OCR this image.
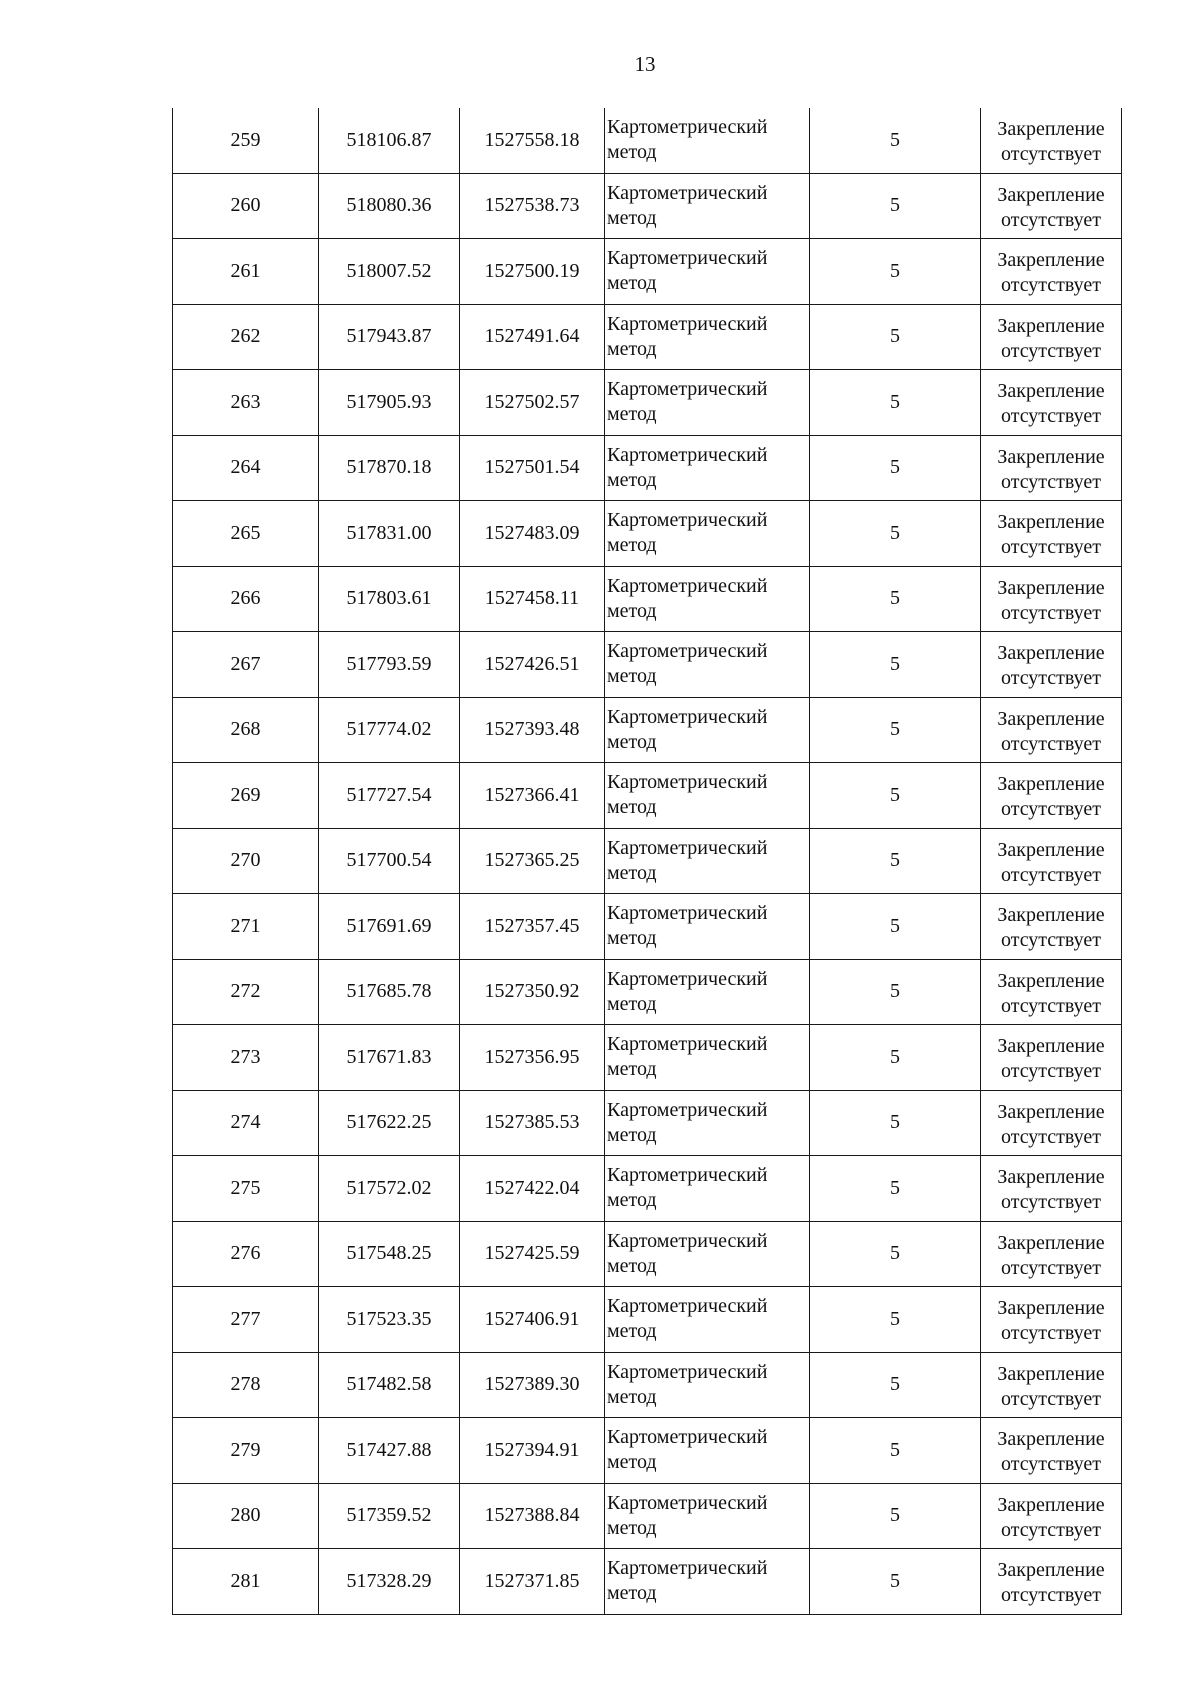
13
259	518106.87	1527558.18	Картометрический
метод	5	Закрепление
отсутствует

260	518080.36	1527538.73	Картометрический
метод	5	Закрепление
отсутствует

261	518007.52	1527500.19	Картометрический
метод	5	Закрепление
отсутствует

262	517943.87	1527491.64	Картометрический
метод	5	Закрепление
отсутствует

263	517905.93	1527502.57	Картометрический
метод	5	Закрепление
отсутствует

264	517870.18	1527501.54	Картометрический
метод	5	Закрепление
отсутствует

265	517831.00	1527483.09	Картометрический
метод	5	Закрепление
отсутствует

266	517803.61	1527458.11	Картометрический
метод	5	Закрепление
отсутствует

267	517793.59	1527426.51	Картометрический
метод	5	Закрепление
отсутствует

268	517774.02	1527393.48	Картометрический
метод	5	Закрепление
отсутствует

269	517727.54	1527366.41	Картометрический
метод	5	Закрепление
отсутствует

270	517700.54	1527365.25	Картометрический
метод	5	Закрепление
отсутствует

271	517691.69	1527357.45	Картометрический
метод	5	Закрепление
отсутствует

272	517685.78	1527350.92	Картометрический
метод	5	Закрепление
отсутствует

273	517671.83	1527356.95	Картометрический
метод	5	Закрепление
отсутствует

274	517622.25	1527385.53	Картометрический
метод	5	Закрепление
отсутствует

275	517572.02	1527422.04	Картометрический
метод	5	Закрепление
отсутствует

276	517548.25	1527425.59	Картометрический
метод	5	Закрепление
отсутствует

277	517523.35	1527406.91	Картометрический
метод	5	Закрепление
отсутствует

278	517482.58	1527389.30	Картометрический
метод	5	Закрепление
отсутствует

279	517427.88	1527394.91	Картометрический
метод	5	Закрепление
отсутствует

280	517359.52	1527388.84	Картометрический
метод	5	Закрепление
отсутствует

281	517328.29	1527371.85	Картометрический
метод	5	Закрепление
отсутствует
